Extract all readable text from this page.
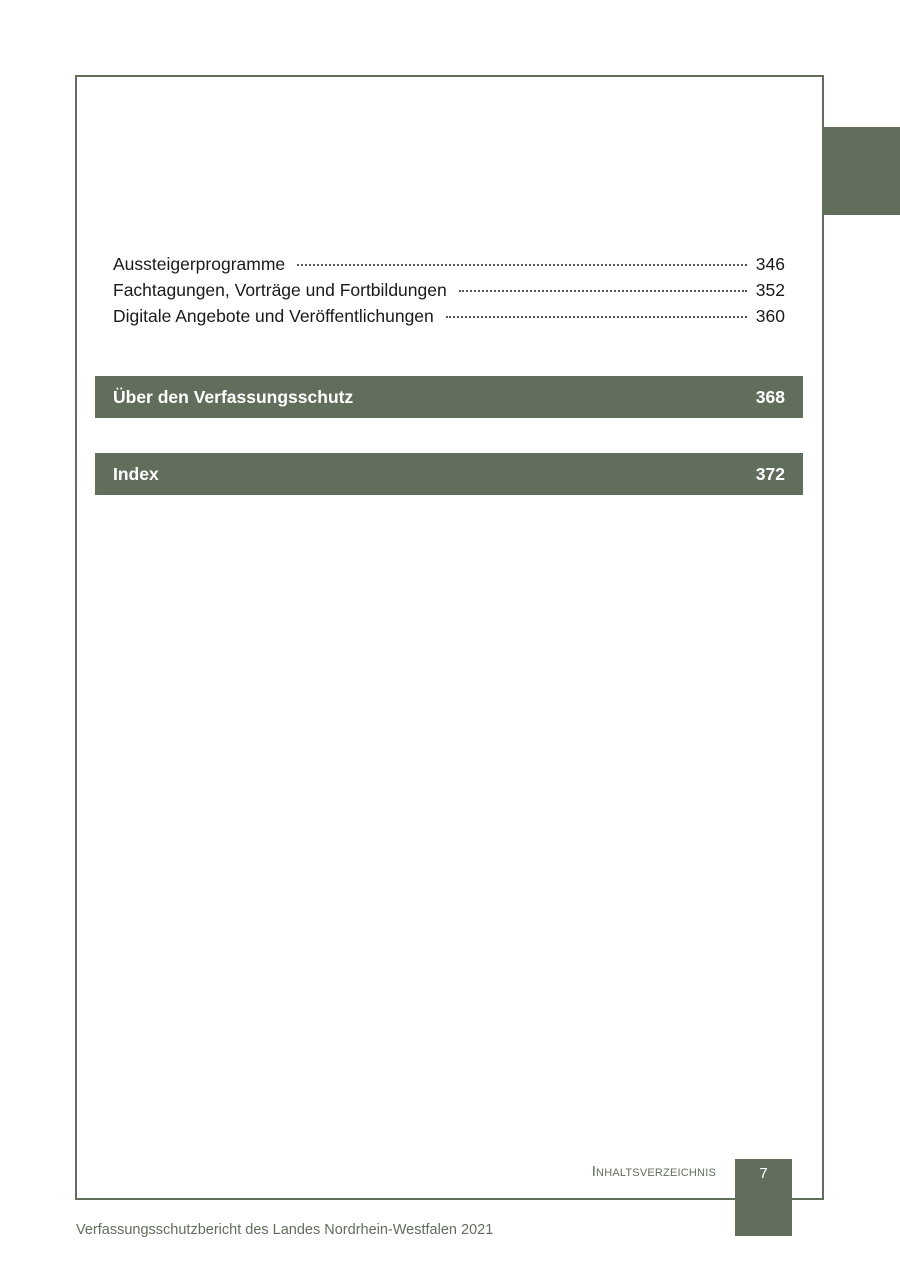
Aussteigerprogramme	346
Fachtagungen, Vorträge und Fortbildungen	352
Digitale Angebote und Veröffentlichungen	360
Über den Verfassungsschutz	368
Index	372
Inhaltsverzeichnis	7
Verfassungsschutzbericht des Landes Nordrhein-Westfalen 2021
